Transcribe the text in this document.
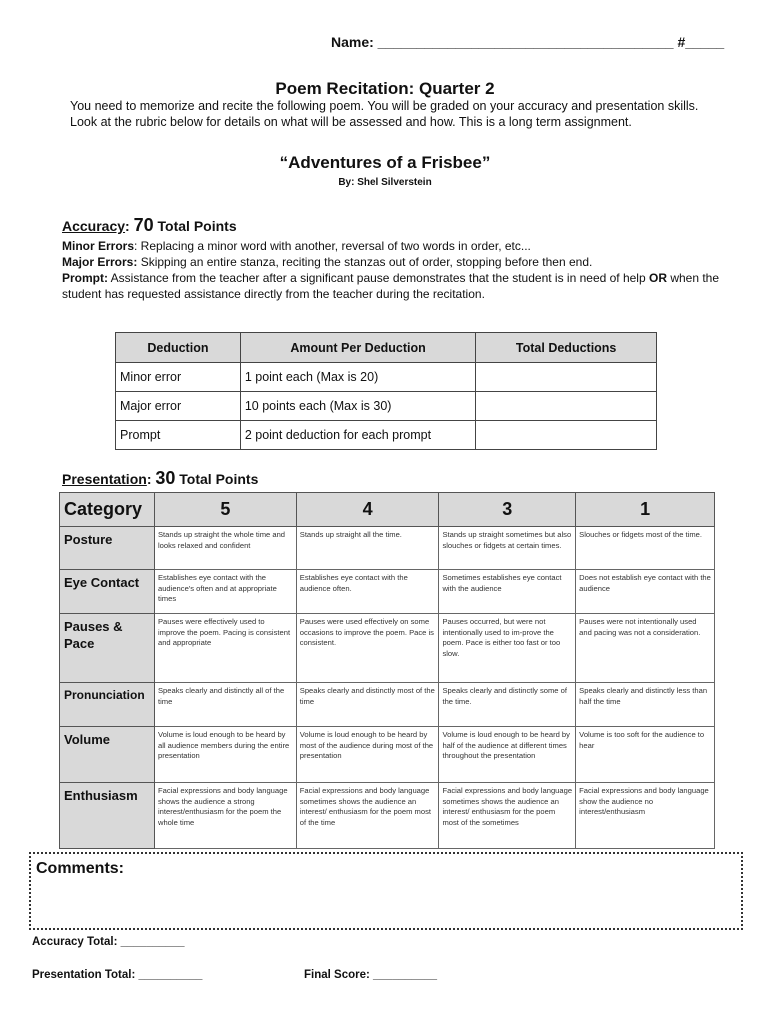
Name: ______________________________________ #_____
Poem Recitation: Quarter 2
You need to memorize and recite the following poem. You will be graded on your accuracy and presentation skills. Look at the rubric below for details on what will be assessed and how. This is a long term assignment.
“Adventures of a Frisbee”
By: Shel Silverstein
Accuracy: 70 Total Points
Minor Errors: Replacing a minor word with another, reversal of two words in order, etc...
Major Errors: Skipping an entire stanza, reciting the stanzas out of order, stopping before then end.
Prompt: Assistance from the teacher after a significant pause demonstrates that the student is in need of help OR when the student has requested assistance directly from the teacher during the recitation.
Deduction	Amount Per Deduction	Total Deductions
Minor error	1 point each (Max is 20)	
Major error	10 points each (Max is 30)	
Prompt	2 point deduction for each prompt	
Presentation: 30 Total Points
Category	5	4	3	1
Posture	Stands up straight the whole time and looks relaxed and confident	Stands up straight all the time.	Stands up straight sometimes but also slouches or fidgets at certain times.	Slouches or fidgets most of the time.
Eye Contact	Establishes eye contact with the audience's often and at appropriate times	Establishes eye contact with the audience often.	Sometimes establishes eye contact with the audience	Does not establish eye contact with the audience
Pauses & Pace	Pauses were effectively used to improve the poem. Pacing is consistent and appropriate	Pauses were used effectively on some occasions to improve the poem. Pace is consistent.	Pauses occurred, but were not intentionally used to im-prove the poem. Pace is either too fast or too slow.	Pauses were not intentionally used and pacing was not a consideration.
Pronunciation	Speaks clearly and distinctly all of the time	Speaks clearly and distinctly most of the time	Speaks clearly and distinctly some of the time.	Speaks clearly and distinctly less than half the time
Volume	Volume is loud enough to be heard by all audience members during the entire presentation	Volume is loud enough to be heard by most of the audience during most of the presentation	Volume is loud enough to be heard by half of the audience at different times throughout the presentation	Volume is too soft for the audience to hear
Enthusiasm	Facial expressions and body language shows the audience a strong interest/enthusiasm for the poem the whole time	Facial expressions and body language sometimes shows the audience an interest/ enthusiasm for the poem most of the time	Facial expressions and body language sometimes shows the audience an interest/ enthusiasm for the poem most of the sometimes	Facial expressions and body language show the audience no interest/enthusiasm
Comments:
Accuracy Total: __________
Presentation Total: __________	Final Score: __________
